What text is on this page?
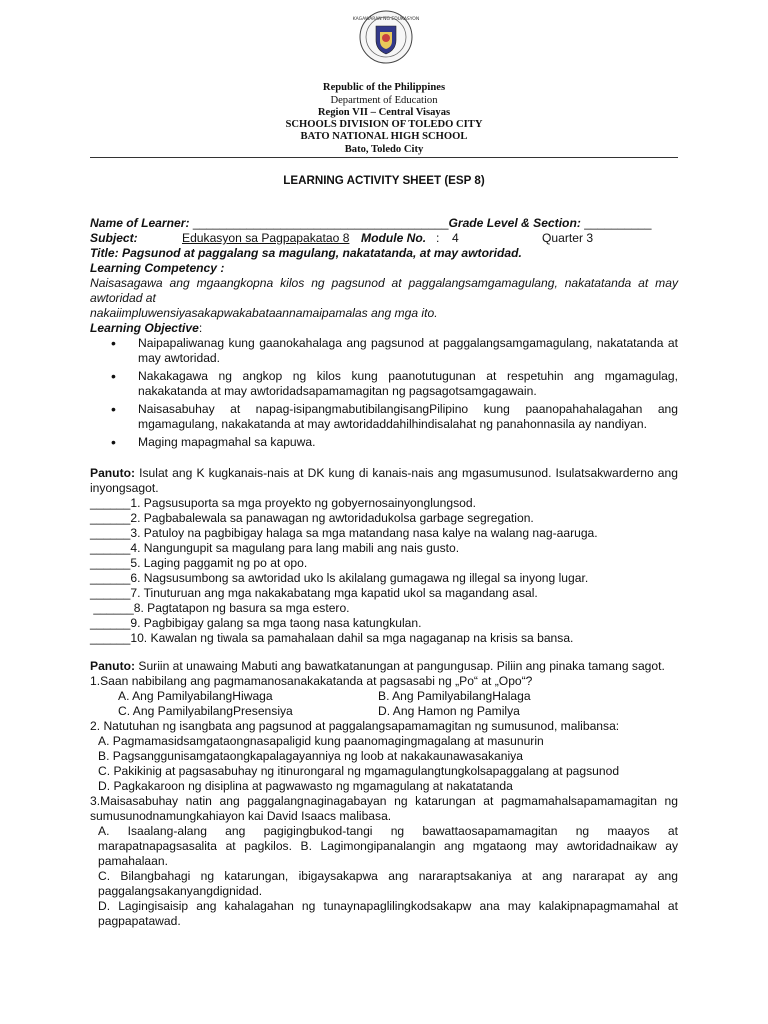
KAGAWARAN NG EDUKASYON
Republic of the Philippines
Department of Education
Region VII – Central Visayas
SCHOOLS DIVISION OF TOLEDO CITY
BATO NATIONAL HIGH SCHOOL
Bato, Toledo City
LEARNING ACTIVITY SHEET (ESP 8)
Name of Learner: ______________________________________Grade Level & Section: __________
Subject:	Edukasyon sa Pagpapakatao 8 Module No. : 4	Quarter 3
Title: Pagsunod at paggalang sa magulang, nakatatanda, at may awtoridad.
Learning Competency :
Naisasagawa ang mgaangkopna kilos ng pagsunod at paggalangsamgamagulang, nakatatanda at may awtoridad at
nakaiimpluwensiyasakapwakabataannamaipamalas ang mga ito.
Learning Objective:
• Naipapaliwanag kung gaanokahalaga ang pagsunod at paggalangsamgamagulang, nakatatanda at may awtoridad.
• Nakakagawa ng angkop ng kilos kung paanotutugunan at respetuhin ang mgamagulag, nakakatanda at may awtoridadsapamamagitan ng pagsagotsamgagawain.
• Naisasabuhay at napag-isipangmabutibilangisangPilipino kung paanopahahalagahan ang mgamagulang, nakakatanda at may awtoridaddahilhindisalahat ng panahonnasila ay nandiyan.
• Maging mapagmahal sa kapuwa.
Panuto: Isulat ang K kugkanais-nais at DK kung di kanais-nais ang mgasumusunod. Isulatsakwarderno ang inyongsagot.
______1. Pagsusuporta sa mga proyekto ng gobyernosainyonglungsod.
______2. Pagbabalewala sa panawagan ng awtoridadukolsa garbage segregation.
______3. Patuloy na pagbibigay halaga sa mga matandang nasa kalye na walang nag-aaruga.
______4. Nangungupit sa magulang para lang mabili ang nais gusto.
______5. Laging paggamit ng po at opo.
______6. Nagsusumbong sa awtoridad uko ls akilalang gumagawa ng illegal sa inyong lugar.
______7. Tinuturuan ang mga nakakabatang mga kapatid ukol sa magandang asal.
______8. Pagtatapon ng basura sa mga estero.
______9. Pagbibigay galang sa mga taong nasa katungkulan.
______10. Kawalan ng tiwala sa pamahalaan dahil sa mga nagaganap na krisis sa bansa.
Panuto: Suriin at unawaing Mabuti ang bawatkatanungan at pangungusap. Piliin ang pinaka tamang sagot.
1.Saan nabibilang ang pagmamanosanakakatanda at pagsasabi ng „Po“ at „Opo“?
A. Ang PamilyabilangHiwaga	B. Ang PamilyabilangHalaga
C. Ang PamilyabilangPresensiya	D. Ang Hamon ng Pamilya
2. Natutuhan ng isangbata ang pagsunod at paggalangsapamamagitan ng sumusunod, malibansa:
A. Pagmamasidsamgataongnasapaligid kung paanomagingmagalang at masunurin
B. Pagsanggunisamgataongkapalagayanniya ng loob at nakakaunawasakaniya
C. Pakikinig at pagsasabuhay ng itinurongaral ng mgamagulangtungkolsapaggalang at pagsunod
D. Pagkakaroon ng disiplina at pagwawasto ng mgamagulang at nakatatanda
3.Maisasabuhay natin ang paggalangnaginagabayan ng katarungan at pagmamahalsapamamagitan ng sumusunodnamungkahiayon kai David Isaacs malibasa.
A. Isaalang-alang ang pagigingbukod-tangi ng bawattaosapamamagitan ng maayos at marapatnapagsasalita at pagkilos. B. Lagimongipanalangin ang mgataong may awtoridadnaikaw ay pamahalaan.
C. Bilangbahagi ng katarungan, ibigaysakapwa ang nararaptsakaniya at ang nararapat ay ang paggalangsakanyangdignidad.
D. Lagingisaisip ang kahalagahan ng tunaynapaglilingkodsakapw ana may kalakipnapagmamahal at pagpapatawad.
